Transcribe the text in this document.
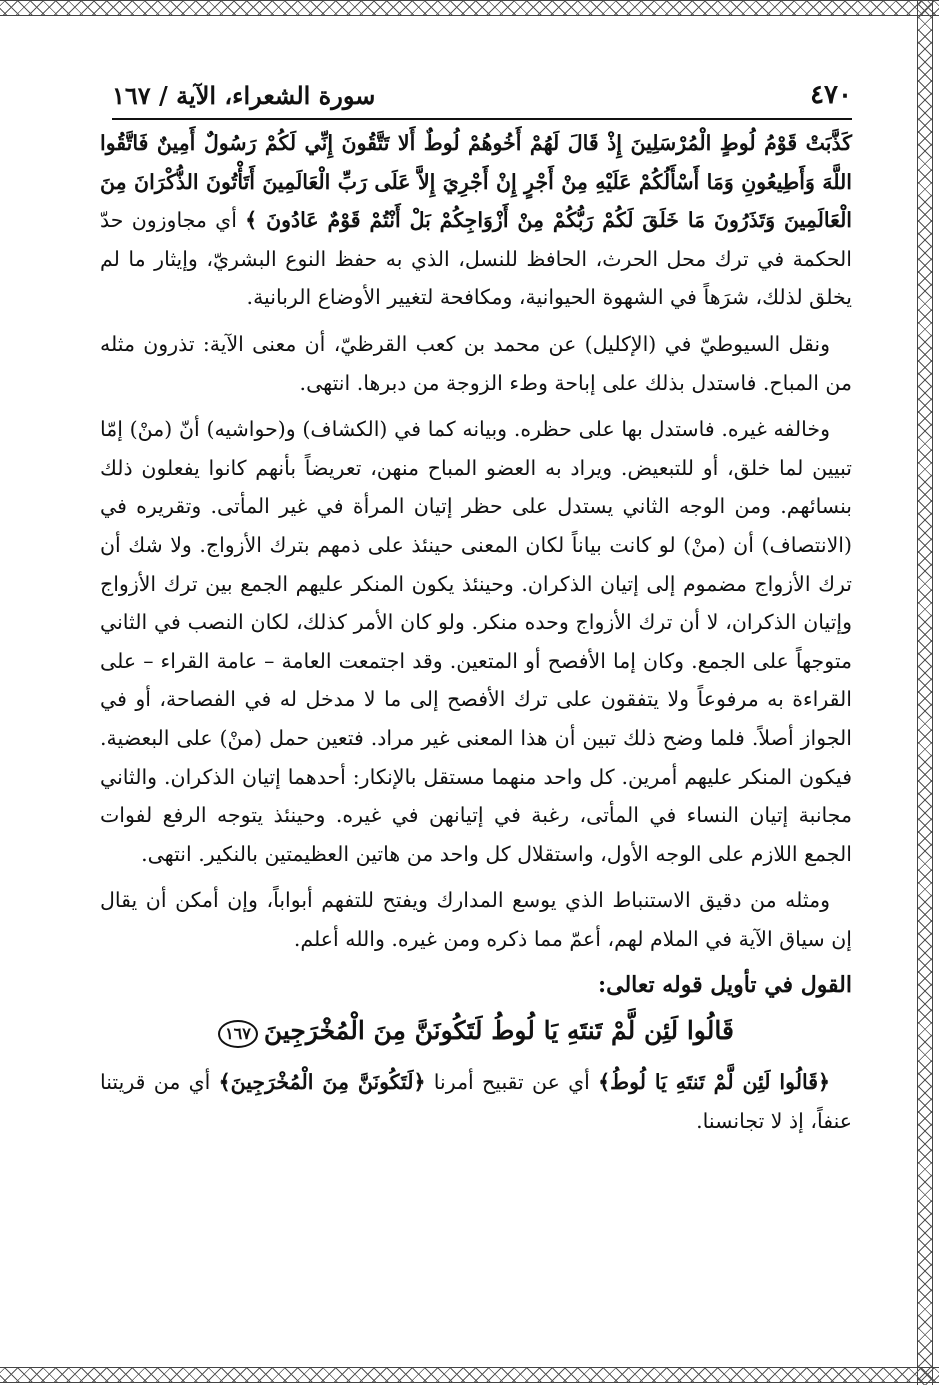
٤٧٠
سورة الشعراء، الآية / ١٦٧

كَذَّبَتْ قَوْمُ لُوطٍ الْمُرْسَلِينَ إِذْ قَالَ لَهُمْ أَخُوهُمْ لُوطٌ أَلا تَتَّقُونَ إِنِّي لَكُمْ رَسُولٌ أَمِينٌ فَاتَّقُوا اللَّهَ وَأَطِيعُونِ وَمَا أَسْأَلُكُمْ عَلَيْهِ مِنْ أَجْرٍ إِنْ أَجْرِيَ إِلاَّ عَلَى رَبِّ الْعَالَمِينَ أَتَأْتُونَ الذُّكْرَانَ مِنَ الْعَالَمِينَ وَتَذَرُونَ مَا خَلَقَ لَكُمْ رَبُّكُمْ مِنْ أَزْوَاجِكُمْ بَلْ أَنْتُمْ قَوْمٌ عَادُونَ ﴾ أي مجاوزون حدّ الحكمة في ترك محل الحرث، الحافظ للنسل، الذي به حفظ النوع البشريّ، وإيثار ما لم يخلق لذلك، شرَهاً في الشهوة الحيوانية، ومكافحة لتغيير الأوضاع الربانية.

ونقل السيوطيّ في (الإكليل) عن محمد بن كعب القرظيّ، أن معنى الآية: تذرون مثله من المباح. فاستدل بذلك على إباحة وطء الزوجة من دبرها. انتهى.

وخالفه غيره. فاستدل بها على حظره. وبيانه كما في (الكشاف) و(حواشيه) أنّ (منْ) إمّا تبيين لما خلق، أو للتبعيض. ويراد به العضو المباح منهن، تعريضاً بأنهم كانوا يفعلون ذلك بنسائهم. ومن الوجه الثاني يستدل على حظر إتيان المرأة في غير المأتى. وتقريره في (الانتصاف) أن (منْ) لو كانت بياناً لكان المعنى حينئذ على ذمهم بترك الأزواج. ولا شك أن ترك الأزواج مضموم إلى إتيان الذكران. وحينئذ يكون المنكر عليهم الجمع بين ترك الأزواج وإتيان الذكران، لا أن ترك الأزواج وحده منكر. ولو كان الأمر كذلك، لكان النصب في الثاني متوجهاً على الجمع. وكان إما الأفصح أو المتعين. وقد اجتمعت العامة – عامة القراء – على القراءة به مرفوعاً ولا يتفقون على ترك الأفصح إلى ما لا مدخل له في الفصاحة، أو في الجواز أصلاً. فلما وضح ذلك تبين أن هذا المعنى غير مراد. فتعين حمل (منْ) على البعضية. فيكون المنكر عليهم أمرين. كل واحد منهما مستقل بالإنكار: أحدهما إتيان الذكران. والثاني مجانبة إتيان النساء في المأتى، رغبة في إتيانهن في غيره. وحينئذ يتوجه الرفع لفوات الجمع اللازم على الوجه الأول، واستقلال كل واحد من هاتين العظيمتين بالنكير. انتهى.

ومثله من دقيق الاستنباط الذي يوسع المدارك ويفتح للتفهم أبواباً، وإن أمكن أن يقال إن سياق الآية في الملام لهم، أعمّ مما ذكره ومن غيره. والله أعلم.

القول في تأويل قوله تعالى:
قَالُوا لَئِن لَّمْ تَنتَهِ يَا لُوطُ لَتَكُونَنَّ مِنَ الْمُخْرَجِينَ١٦٧

﴿قَالُوا لَئِن لَّمْ تَنتَهِ يَا لُوطُ﴾ أي عن تقبيح أمرنا ﴿لَتَكُونَنَّ مِنَ الْمُخْرَجِينَ﴾ أي من قريتنا عنفاً، إذ لا تجانسنا.
